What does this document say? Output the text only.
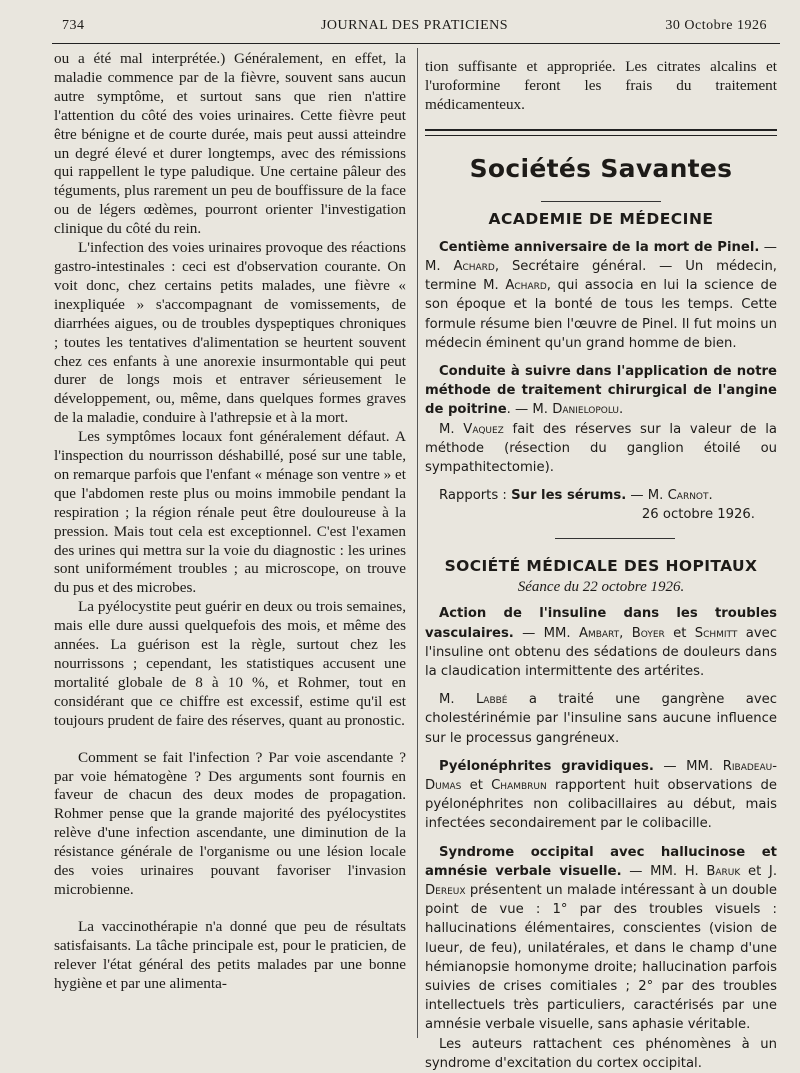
734	JOURNAL DES PRATICIENS	30 Octobre 1926

ou a été mal interprétée.) Généralement, en effet, la maladie commence par de la fièvre, souvent sans aucun autre symptôme, et surtout sans que rien n'attire l'attention du côté des voies urinaires. Cette fièvre peut être bénigne et de courte durée, mais peut aussi atteindre un degré élevé et durer longtemps, avec des rémissions qui rappellent le type paludique. Une certaine pâleur des téguments, plus rarement un peu de bouffissure de la face ou de légers œdèmes, pourront orienter l'investigation clinique du côté du rein.

L'infection des voies urinaires provoque des réactions gastro-intestinales : ceci est d'observation courante. On voit donc, chez certains petits malades, une fièvre « inexpliquée » s'accompagnant de vomissements, de diarrhées aigues, ou de troubles dyspeptiques chroniques ; toutes les tentatives d'alimentation se heurtent souvent chez ces enfants à une anorexie insurmontable qui peut durer de longs mois et entraver sérieusement le développement, ou, même, dans quelques formes graves de la maladie, conduire à l'athrepsie et à la mort.

Les symptômes locaux font généralement défaut. A l'inspection du nourrisson déshabillé, posé sur une table, on remarque parfois que l'enfant « ménage son ventre » et que l'abdomen reste plus ou moins immobile pendant la respiration ; la région rénale peut être douloureuse à la pression. Mais tout cela est exceptionnel. C'est l'examen des urines qui mettra sur la voie du diagnostic : les urines sont uniformément troubles ; au microscope, on trouve du pus et des microbes.

La pyélocystite peut guérir en deux ou trois semaines, mais elle dure aussi quelquefois des mois, et même des années. La guérison est la règle, surtout chez les nourrissons ; cependant, les statistiques accusent une mortalité globale de 8 à 10 %, et Rohmer, tout en considérant que ce chiffre est excessif, estime qu'il est toujours prudent de faire des réserves, quant au pronostic.

Comment se fait l'infection ? Par voie ascendante ? par voie hématogène ? Des arguments sont fournis en faveur de chacun des deux modes de propagation. Rohmer pense que la grande majorité des pyélocystites relève d'une infection ascendante, une diminution de la résistance générale de l'organisme ou une lésion locale des voies urinaires pouvant favoriser l'invasion microbienne.

La vaccinothérapie n'a donné que peu de résultats satisfaisants. La tâche principale est, pour le praticien, de relever l'état général des petits malades par une bonne hygiène et par une alimenta-

tion suffisante et appropriée. Les citrates alcalins et l'uroformine feront les frais du traitement médicamenteux.

Sociétés Savantes
ACADEMIE DE MÉDECINE

Centième anniversaire de la mort de Pinel. — M. Achard, Secrétaire général. — Un médecin, termine M. Achard, qui associa en lui la science de son époque et la bonté de tous les temps. Cette formule résume bien l'œuvre de Pinel. Il fut moins un médecin éminent qu'un grand homme de bien.

Conduite à suivre dans l'application de notre méthode de traitement chirurgical de l'angine de poitrine. — M. Danielopolu.

M. Vaquez fait des réserves sur la valeur de la méthode (résection du ganglion étoilé ou sympathitectomie).

Rapports : Sur les sérums. — M. Carnot.

26 octobre 1926.
SOCIÉTÉ MÉDICALE DES HOPITAUX
Séance du 22 octobre 1926.

Action de l'insuline dans les troubles vasculaires. — MM. Ambart, Boyer et Schmitt avec l'insuline ont obtenu des sédations de douleurs dans la claudication intermittente des artérites.

M. Labbé a traité une gangrène avec cholestérinémie par l'insuline sans aucune influence sur le processus gangréneux.

Pyélonéphrites gravidiques. — MM. Ribadeau-Dumas et Chambrun rapportent huit observations de pyélonéphrites non colibacillaires au début, mais infectées secondairement par le colibacille.

Syndrome occipital avec hallucinose et amnésie verbale visuelle. — MM. H. Baruk et J. Dereux présentent un malade intéressant à un double point de vue : 1° par des troubles visuels : hallucinations élémentaires, conscientes (vision de lueur, de feu), unilatérales, et dans le champ d'une hémianopsie homonyme droite; hallucination parfois suivies de crises comitiales ; 2° par des troubles intellectuels très particuliers, caractérisés par une amnésie verbale visuelle, sans aphasie véritable.

Les auteurs rattachent ces phénomènes à un syndrome d'excitation du cortex occipital.
